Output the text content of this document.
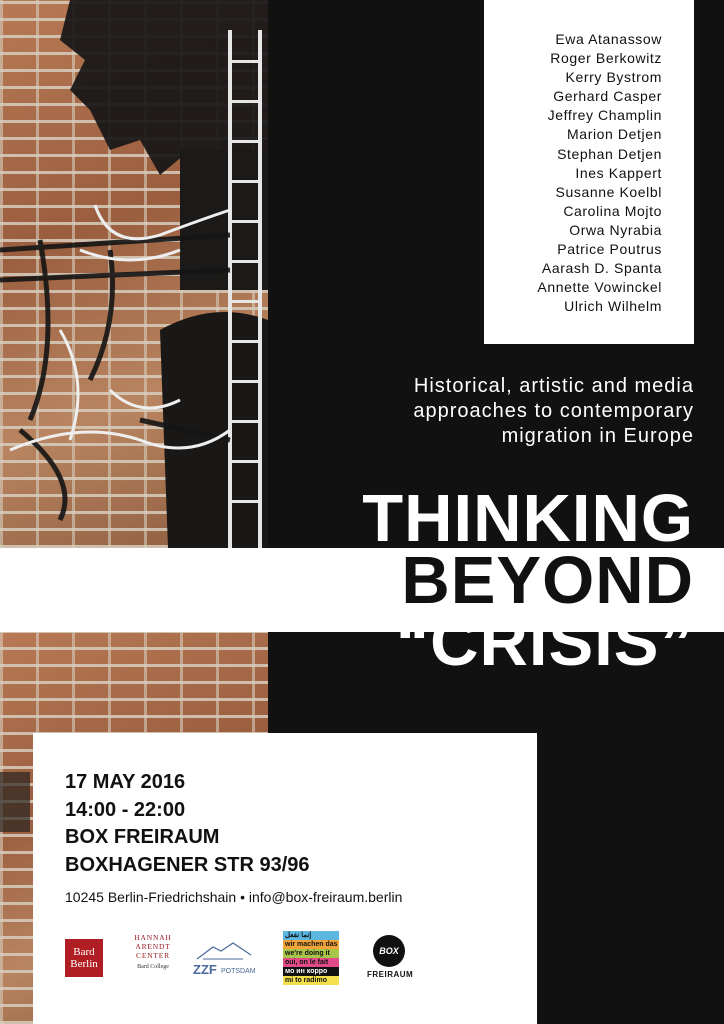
Ewa Atanassow
Roger Berkowitz
Kerry Bystrom
Gerhard Casper
Jeffrey Champlin
Marion Detjen
Stephan Detjen
Ines Kappert
Susanne Koelbl
Carolina Mojto
Orwa Nyrabia
Patrice Poutrus
Aarash D. Spanta
Annette Vowinckel
Ulrich Wilhelm
Historical, artistic and media
approaches to contemporary
migration in Europe
THINKING
BEYOND
“CRISIS”
17 MAY 2016
14:00 - 22:00
BOX FREIRAUM
BOXHAGENER STR 93/96
10245 Berlin-Friedrichshain • info@box-freiraum.berlin
Bard
Berlin
HANNAH
ARENDT
CENTER
Bard College	ZZF POTSDAM
إنما نفعل
wir machen das
we're doing it
oui, on le fait
мо ин корро
mi to radimo
BOX
FREIRAUM
